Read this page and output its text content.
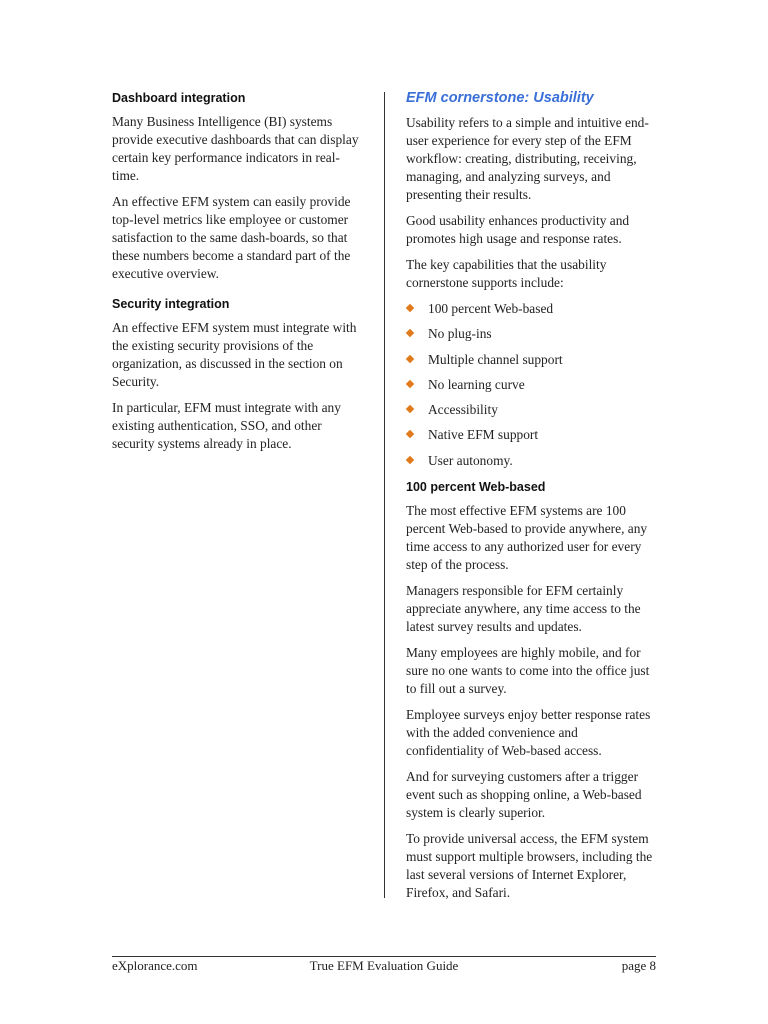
Dashboard integration

Many Business Intelligence (BI) systems provide executive dashboards that can display certain key performance indicators in real-time.

An effective EFM system can easily provide top-level metrics like employee or customer satisfaction to the same dash-boards, so that these numbers become a standard part of the executive overview.

Security integration

An effective EFM system must integrate with the existing security provisions of the organization, as discussed in the section on Security.

In particular, EFM must integrate with any existing authentication, SSO, and other security systems already in place.

EFM cornerstone: Usability

Usability refers to a simple and intuitive end-user experience for every step of the EFM workflow: creating, distributing, receiving, managing, and analyzing surveys, and presenting their results.

Good usability enhances productivity and promotes high usage and response rates.

The key capabilities that the usability cornerstone supports include:

100 percent Web-based
No plug-ins
Multiple channel support
No learning curve
Accessibility
Native EFM support
User autonomy.
100 percent Web-based

The most effective EFM systems are 100 percent Web-based to provide anywhere, any time access to any authorized user for every step of the process.

Managers responsible for EFM certainly appreciate anywhere, any time access to the latest survey results and updates.

Many employees are highly mobile, and for sure no one wants to come into the office just to fill out a survey.

Employee surveys enjoy better response rates with the added convenience and confidentiality of Web-based access.

And for surveying customers after a trigger event such as shopping online, a Web-based system is clearly superior.

To provide universal access, the EFM system must support multiple browsers, including the last several versions of Internet Explorer, Firefox, and Safari.

eXplorance.com	True EFM Evaluation Guide	page 8
